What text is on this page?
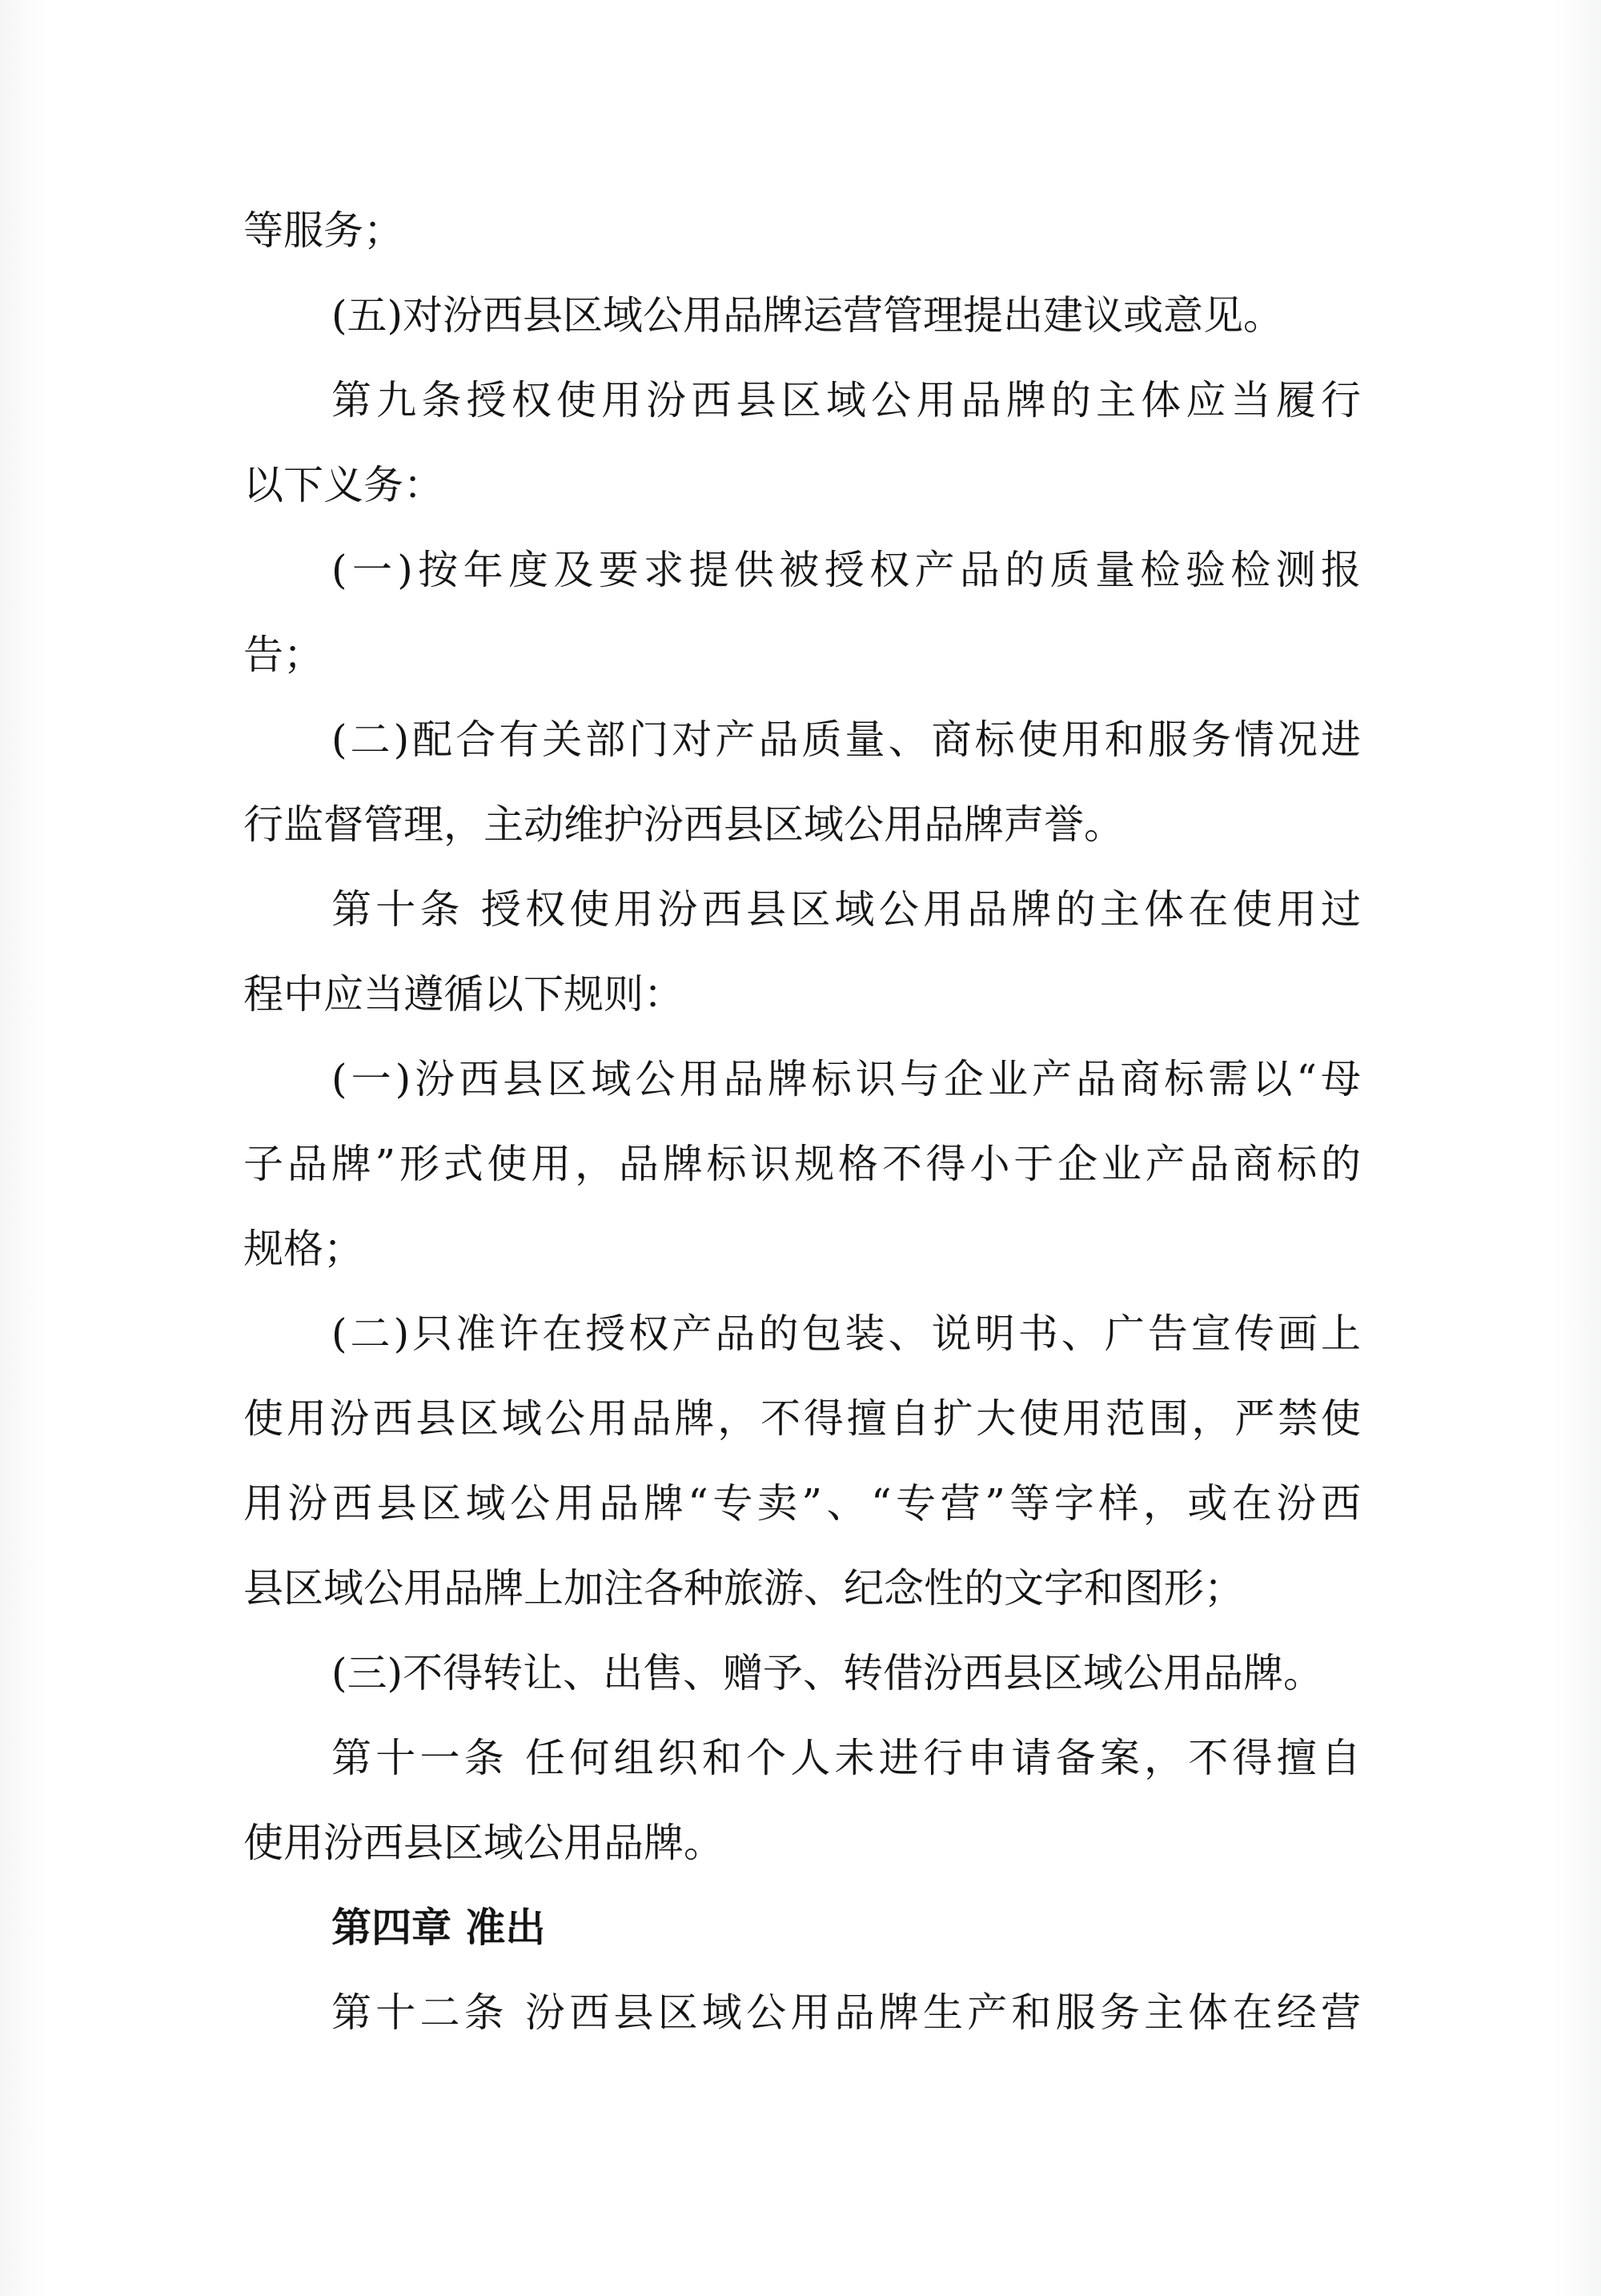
等服务；
(五)对汾西县区域公用品牌运营管理提出建议或意见。
第九条授权使用汾西县区域公用品牌的主体应当履行
以下义务：
(一)按年度及要求提供被授权产品的质量检验检测报
告；
(二)配合有关部门对产品质量、商标使用和服务情况进
行监督管理，主动维护汾西县区域公用品牌声誉。
第十条 授权使用汾西县区域公用品牌的主体在使用过
程中应当遵循以下规则：
(一)汾西县区域公用品牌标识与企业产品商标需以“母
子品牌”形式使用，品牌标识规格不得小于企业产品商标的
规格；
(二)只准许在授权产品的包装、说明书、广告宣传画上
使用汾西县区域公用品牌，不得擅自扩大使用范围，严禁使
用汾西县区域公用品牌“专卖”、“专营”等字样，或在汾西
县区域公用品牌上加注各种旅游、纪念性的文字和图形；
(三)不得转让、出售、赠予、转借汾西县区域公用品牌。
第十一条 任何组织和个人未进行申请备案，不得擅自
使用汾西县区域公用品牌。
第四章 准出
第十二条 汾西县区域公用品牌生产和服务主体在经营
